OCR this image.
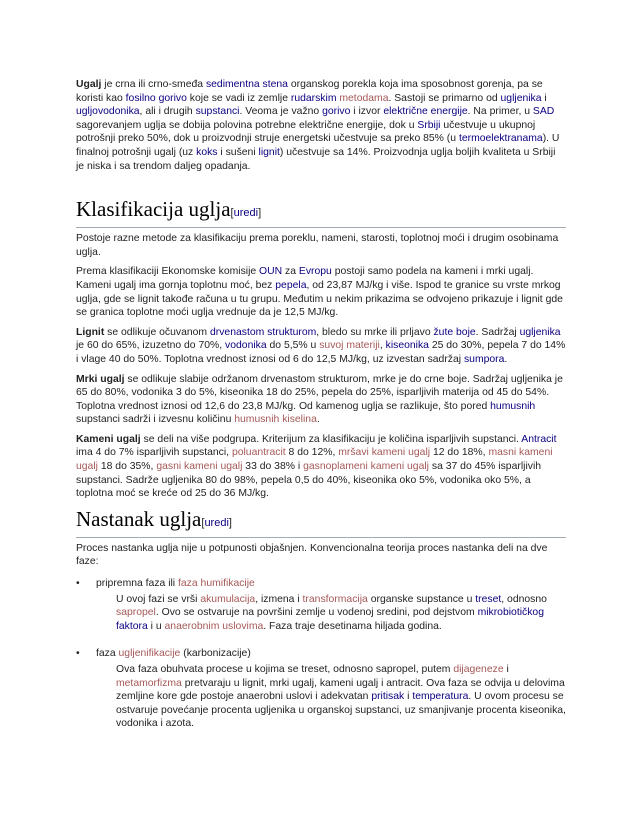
Ugalj je crna ili crno-smeđa sedimentna stena organskog porekla koja ima sposobnost gorenja, pa se koristi kao fosilno gorivo koje se vadi iz zemlje rudarskim metodama. Sastoji se primarno od ugljenika i ugljovodonika, ali i drugih supstanci. Veoma je važno gorivo i izvor električne energije. Na primer, u SAD sagorevanjem uglja se dobija polovina potrebne električne energije, dok u Srbiji učestvuje u ukupnoj potrošnji preko 50%, dok u proizvodnji struje energetski učestvuje sa preko 85% (u termoelektranama). U finalnoj potrošnji ugalj (uz koks i sušeni lignit) učestvuje sa 14%. Proizvodnja uglja boljih kvaliteta u Srbiji je niska i sa trendom daljeg opadanja.

Klasifikacija uglja[uredi]

Postoje razne metode za klasifikaciju prema poreklu, nameni, starosti, toplotnoj moći i drugim osobinama uglja.

Prema klasifikaciji Ekonomske komisije OUN za Evropu postoji samo podela na kameni i mrki ugalj. Kameni ugalj ima gornja toplotnu moć, bez pepela, od 23,87 MJ/kg i više. Ispod te granice su vrste mrkog uglja, gde se lignit takođe računa u tu grupu. Međutim u nekim prikazima se odvojeno prikazuje i lignit gde se granica toplotne moći uglja vrednuje da je 12,5 MJ/kg.

Lignit se odlikuje očuvanom drvenastom strukturom, bledo su mrke ili prljavo žute boje. Sadržaj ugljenika je 60 do 65%, izuzetno do 70%, vodonika do 5,5% u suvoj materiji, kiseonika 25 do 30%, pepela 7 do 14% i vlage 40 do 50%. Toplotna vrednost iznosi od 6 do 12,5 MJ/kg, uz izvestan sadržaj sumpora.

Mrki ugalj se odlikuje slabije održanom drvenastom strukturom, mrke je do crne boje. Sadržaj ugljenika je 65 do 80%, vodonika 3 do 5%, kiseonika 18 do 25%, pepela do 25%, isparljivih materija od 45 do 54%. Toplotna vrednost iznosi od 12,6 do 23,8 MJ/kg. Od kamenog uglja se razlikuje, što pored humusnih supstanci sadrži i izvesnu količinu humusnih kiselina.

Kameni ugalj se deli na više podgrupa. Kriterijum za klasifikaciju je količina isparljivih supstanci. Antracit ima 4 do 7% isparljivih supstanci, poluantracit 8 do 12%, mršavi kameni ugalj 12 do 18%, masni kameni ugalj 18 do 35%, gasni kameni ugalj 33 do 38% i gasnoplameni kameni ugalj sa 37 do 45% isparljivih supstanci. Sadrže ugljenika 80 do 98%, pepela 0,5 do 40%, kiseonika oko 5%, vodonika oko 5%, a toplotna moć se kreće od 25 do 36 MJ/kg.

Nastanak uglja[uredi]

Proces nastanka uglja nije u potpunosti objašnjen. Konvencionalna teorija proces nastanka deli na dve faze:

• pripremna faza ili faza humifikacije
U ovoj fazi se vrši akumulacija, izmena i transformacija organske supstance u treset, odnosno sapropel. Ovo se ostvaruje na površini zemlje u vodenoj sredini, pod dejstvom mikrobiotičkog faktora i u anaerobnim uslovima. Faza traje desetinama hiljada godina.
• faza ugljenifikacije (karbonizacije)
Ova faza obuhvata procese u kojima se treset, odnosno sapropel, putem dijageneze i metamorfizma pretvaraju u lignit, mrki ugalj, kameni ugalj i antracit. Ova faza se odvija u delovima zemljine kore gde postoje anaerobni uslovi i adekvatan pritisak i temperatura. U ovom procesu se ostvaruje povećanje procenta ugljenika u organskoj supstanci, uz smanjivanje procenta kiseonika, vodonika i azota.
